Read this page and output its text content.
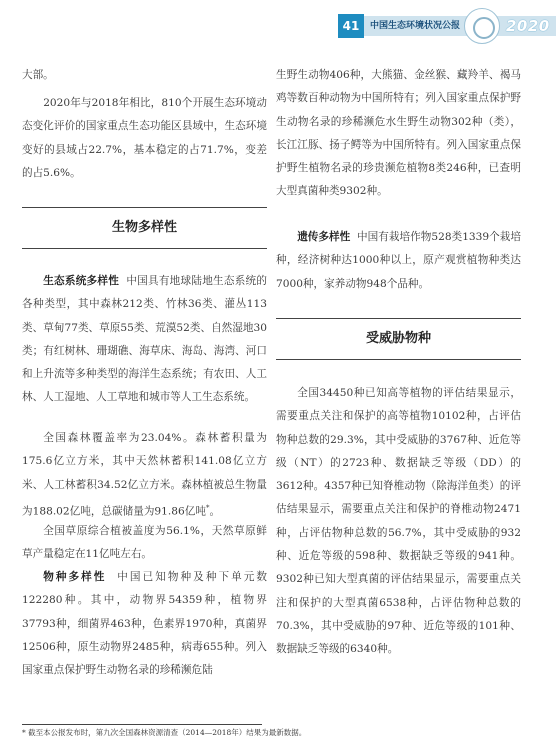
41	中国生态环境状况公报	2020

大部。

2020年与2018年相比，810个开展生态环境动态变化评价的国家重点生态功能区县域中，生态环境变好的县域占22.7%，基本稳定的占71.7%，变差的占5.6%。

生物多样性

生态系统多样性 中国具有地球陆地生态系统的各种类型，其中森林212类、竹林36类、灌丛113类、草甸77类、草原55类、荒漠52类、自然湿地30类；有红树林、珊瑚礁、海草床、海岛、海湾、河口和上升流等多种类型的海洋生态系统；有农田、人工林、人工湿地、人工草地和城市等人工生态系统。

全国森林覆盖率为23.04%。森林蓄积量为175.6亿立方米，其中天然林蓄积141.08亿立方米、人工林蓄积34.52亿立方米。森林植被总生物量为188.02亿吨，总碳储量为91.86亿吨*。

全国草原综合植被盖度为56.1%，天然草原鲜草产量稳定在11亿吨左右。

物种多样性 中国已知物种及种下单元数122280种。其中，动物界54359种，植物界37793种，细菌界463种，色素界1970种，真菌界12506种，原生动物界2485种，病毒655种。列入国家重点保护野生动物名录的珍稀濒危陆

生野生动物406种，大熊猫、金丝猴、藏羚羊、褐马鸡等数百种动物为中国所特有；列入国家重点保护野生动物名录的珍稀濒危水生野生动物302种（类），长江江豚、扬子鳄等为中国所特有。列入国家重点保护野生植物名录的珍贵濒危植物8类246种，已查明大型真菌种类9302种。

遗传多样性 中国有栽培作物528类1339个栽培种，经济树种达1000种以上，原产观赏植物种类达7000种，家养动物948个品种。

受威胁物种

全国34450种已知高等植物的评估结果显示，需要重点关注和保护的高等植物10102种，占评估物种总数的29.3%，其中受威胁的3767种、近危等级（NT）的2723种、数据缺乏等级（DD）的3612种。4357种已知脊椎动物（除海洋鱼类）的评估结果显示，需要重点关注和保护的脊椎动物2471种，占评估物种总数的56.7%，其中受威胁的932种、近危等级的598种、数据缺乏等级的941种。9302种已知大型真菌的评估结果显示，需要重点关注和保护的大型真菌6538种，占评估物种总数的70.3%，其中受威胁的97种、近危等级的101种、数据缺乏等级的6340种。

* 截至本公报发布时，第九次全国森林资源清查（2014—2018年）结果为最新数据。
